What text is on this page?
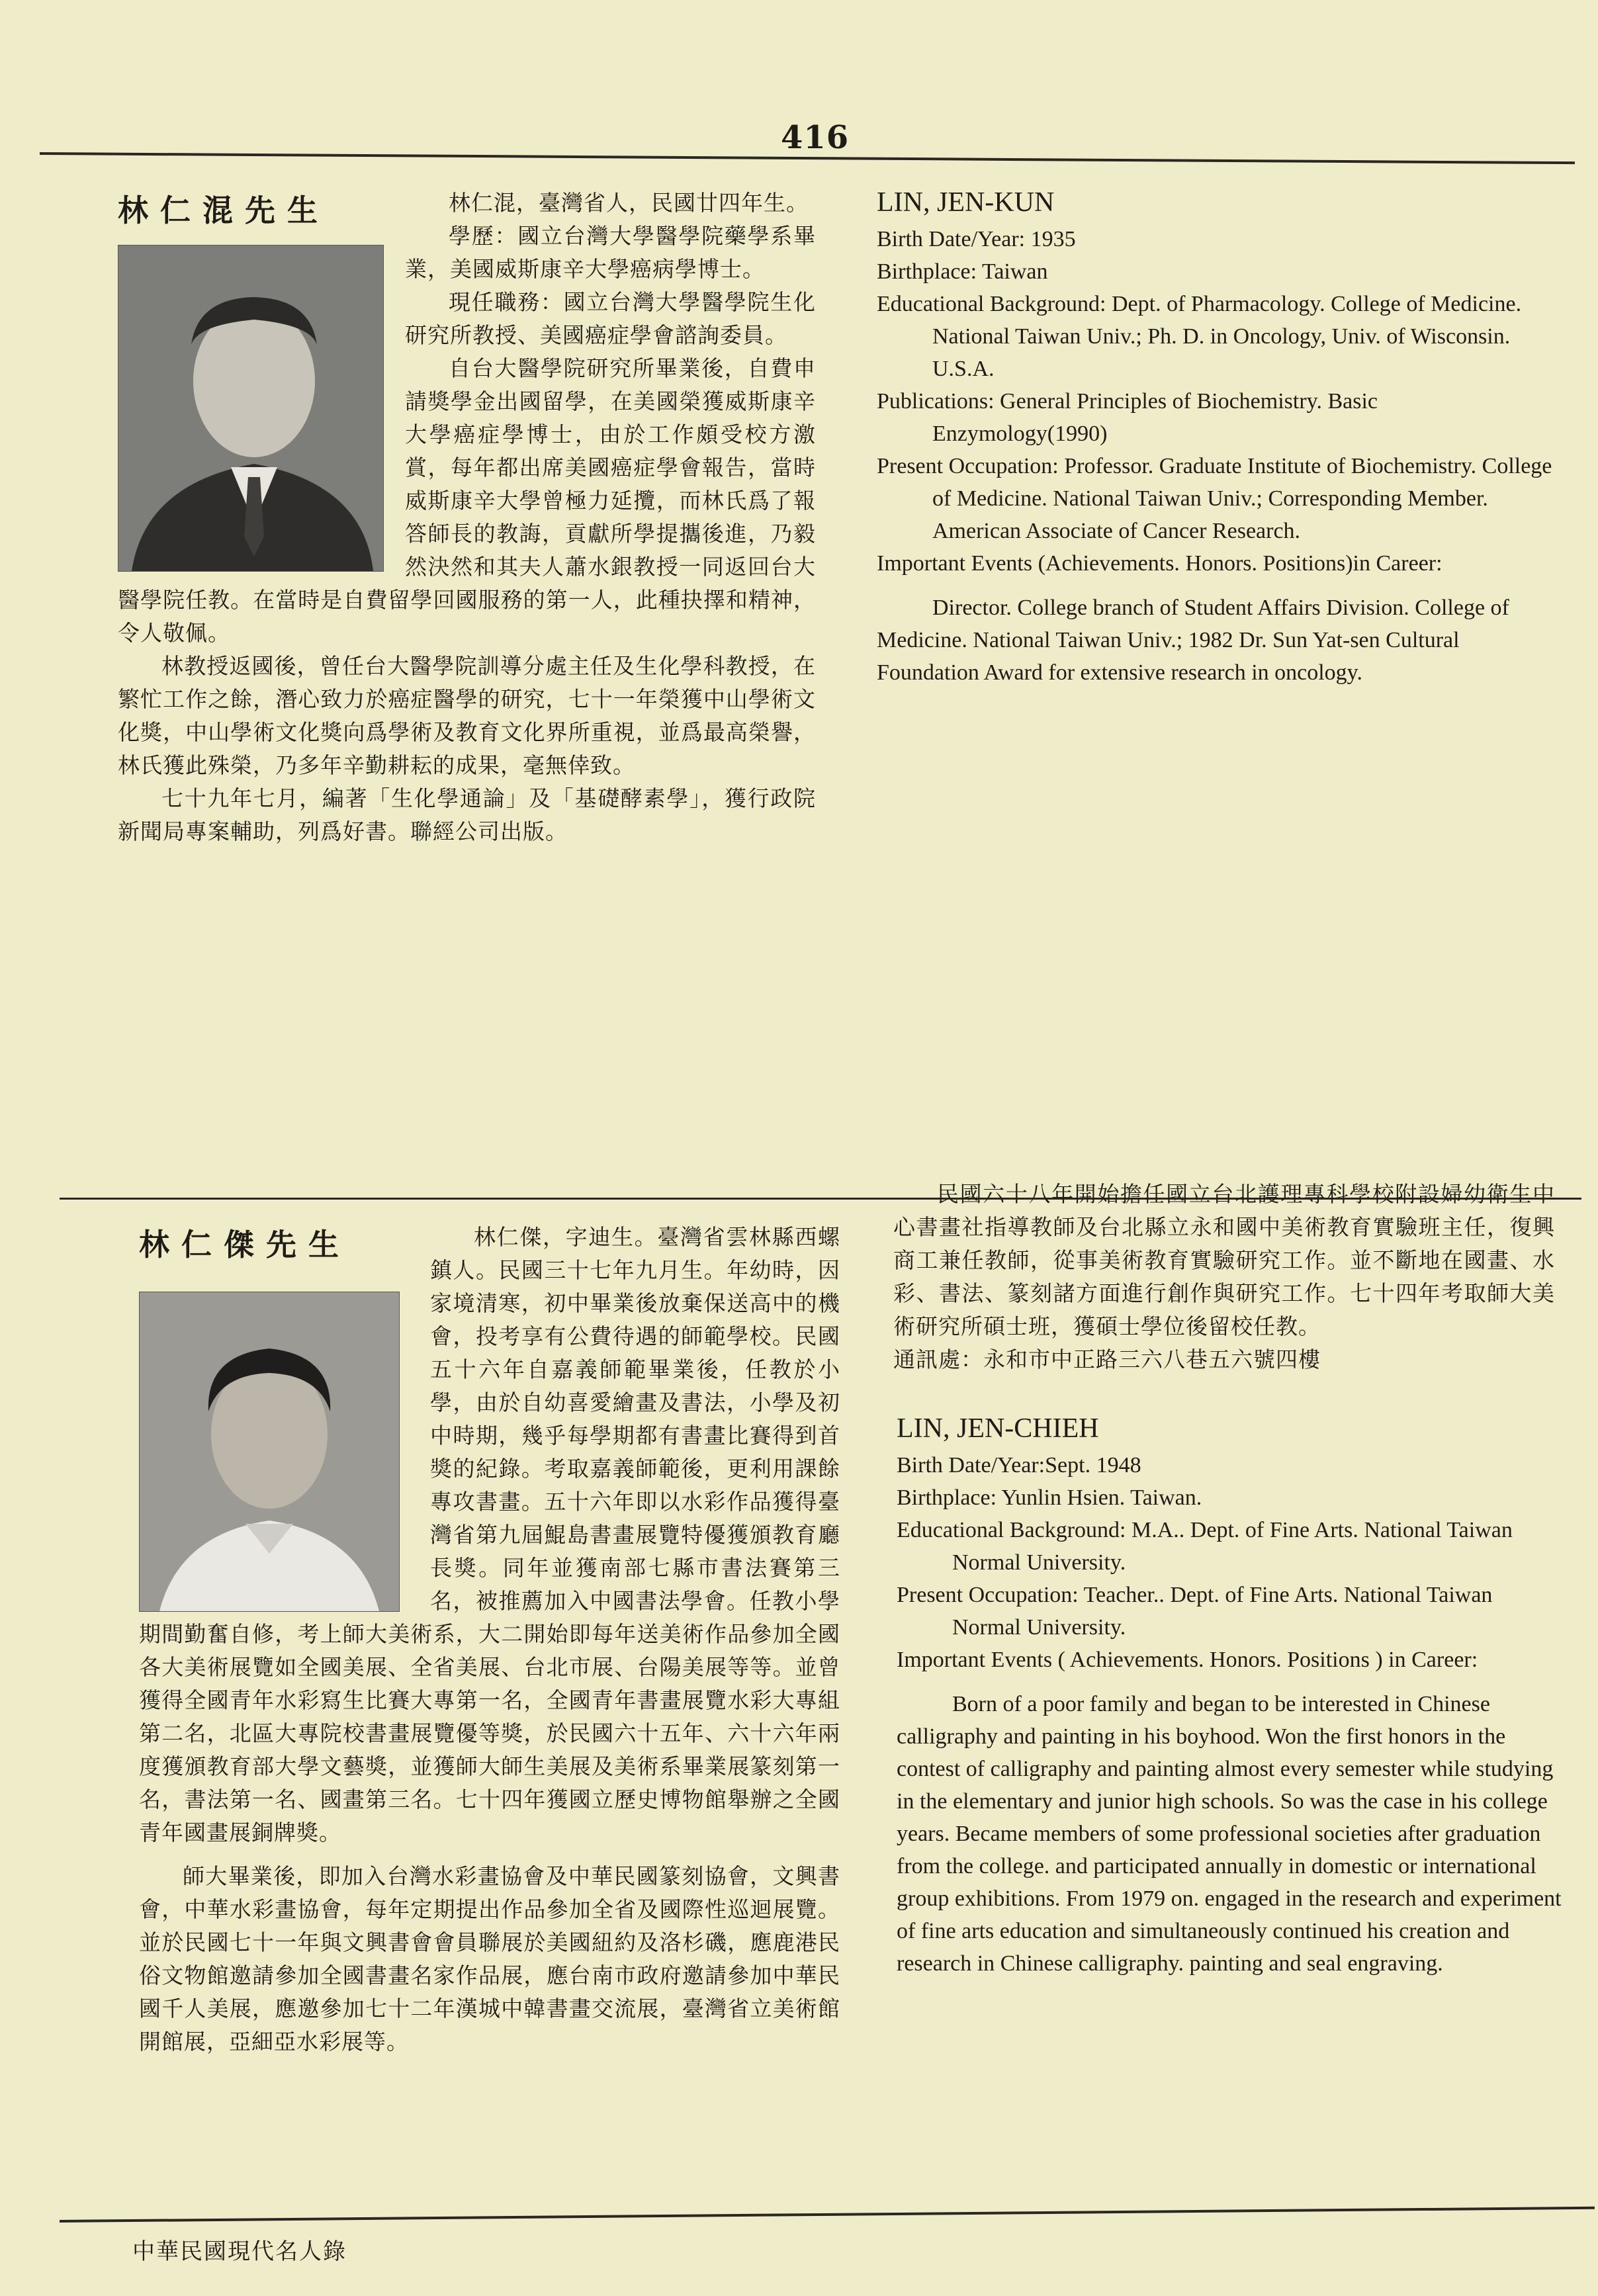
416
林仁混先生	LIN, JEN-KUN

Birth Date/Year: 1935

Birthplace: Taiwan

Educational Background: Dept. of Pharmacology. College of Medicine. National Taiwan Univ.; Ph. D. in Oncology, Univ. of Wisconsin. U.S.A.

Publications: General Principles of Biochemistry. Basic Enzymology(1990)

Present Occupation: Professor. Graduate Institute of Biochemistry. College of Medicine. National Taiwan Univ.; Corresponding Member. American Associate of Cancer Research.

Important Events (Achievements. Honors. Positions)in Career:

Director. College branch of Student Affairs Division. College of Medicine. National Taiwan Univ.; 1982 Dr. Sun Yat-sen Cultural Foundation Award for extensive research in oncology.

林仁傑先生

民國六十八年開始擔任國立台北護理專科學校附設婦幼衛生中心書畫社指導教師及台北縣立永和國中美術教育實驗班主任，復興商工兼任教師，從事美術教育實驗研究工作。並不斷地在國畫、水彩、書法、篆刻諸方面進行創作與研究工作。七十四年考取師大美術研究所碩士班，獲碩士學位後留校任教。

通訊處：永和市中正路三六八巷五六號四樓

LIN, JEN-CHIEH

Birth Date/Year:Sept. 1948

Birthplace: Yunlin Hsien. Taiwan.

Educational Background: M.A.. Dept. of Fine Arts. National Taiwan Normal University.

Present Occupation: Teacher.. Dept. of Fine Arts. National Taiwan Normal University.

Important Events ( Achievements. Honors. Positions ) in Career:

Born of a poor family and began to be interested in Chinese calligraphy and painting in his boyhood. Won the first honors in the contest of calligraphy and painting almost every semester while studying in the elementary and junior high schools. So was the case in his college years. Became members of some professional societies after graduation from the college. and participated annually in domestic or international group exhibitions. From 1979 on. engaged in the research and experiment of fine arts education and simultaneously continued his creation and research in Chinese calligraphy. painting and seal engraving.

中華民國現代名人錄

林仁混，臺灣省人，民國廿四年生。

學歷：國立台灣大學醫學院藥學系畢業，美國威斯康辛大學癌病學博士。

現任職務：國立台灣大學醫學院生化研究所教授、美國癌症學會諮詢委員。

自台大醫學院研究所畢業後，自費申請獎學金出國留學，在美國榮獲威斯康辛大學癌症學博士，由於工作頗受校方激賞，每年都出席美國癌症學會報告，當時威斯康辛大學曾極力延攬，而林氏爲了報答師長的教誨，貢獻所學提攜後進，乃毅然決然和其夫人蕭水銀教授一同返回台大醫學院任教。在當時是自費留學回國服務的第一人，此種抉擇和精神，令人敬佩。

林教授返國後，曾任台大醫學院訓導分處主任及生化學科教授，在繁忙工作之餘，潛心致力於癌症醫學的研究，七十一年榮獲中山學術文化獎，中山學術文化獎向爲學術及教育文化界所重視，並爲最高榮譽，林氏獲此殊榮，乃多年辛勤耕耘的成果，毫無倖致。

七十九年七月，編著「生化學通論」及「基礎酵素學」，獲行政院新聞局專案輔助，列爲好書。聯經公司出版。

林仁傑，字迪生。臺灣省雲林縣西螺鎮人。民國三十七年九月生。年幼時，因家境清寒，初中畢業後放棄保送高中的機會，投考享有公費待遇的師範學校。民國五十六年自嘉義師範畢業後，任教於小學，由於自幼喜愛繪畫及書法，小學及初中時期，幾乎每學期都有書畫比賽得到首獎的紀錄。考取嘉義師範後，更利用課餘專攻書畫。五十六年即以水彩作品獲得臺灣省第九屆鯤島書畫展覽特優獲頒教育廳長獎。同年並獲南部七縣市書法賽第三名，被推薦加入中國書法學會。任教小學期間勤奮自修，考上師大美術系，大二開始即每年送美術作品參加全國各大美術展覽如全國美展、全省美展、台北市展、台陽美展等等。並曾獲得全國青年水彩寫生比賽大專第一名，全國青年書畫展覽水彩大專組第二名，北區大專院校書畫展覽優等獎，於民國六十五年、六十六年兩度獲頒教育部大學文藝獎，並獲師大師生美展及美術系畢業展篆刻第一名，書法第一名、國畫第三名。七十四年獲國立歷史博物館舉辦之全國青年國畫展銅牌獎。

師大畢業後，即加入台灣水彩畫協會及中華民國篆刻協會，文興書會，中華水彩畫協會，每年定期提出作品參加全省及國際性巡迴展覽。並於民國七十一年與文興書會會員聯展於美國紐約及洛杉磯，應鹿港民俗文物館邀請參加全國書畫名家作品展，應台南市政府邀請參加中華民國千人美展，應邀參加七十二年漢城中韓書畫交流展，臺灣省立美術館開館展，亞細亞水彩展等。
